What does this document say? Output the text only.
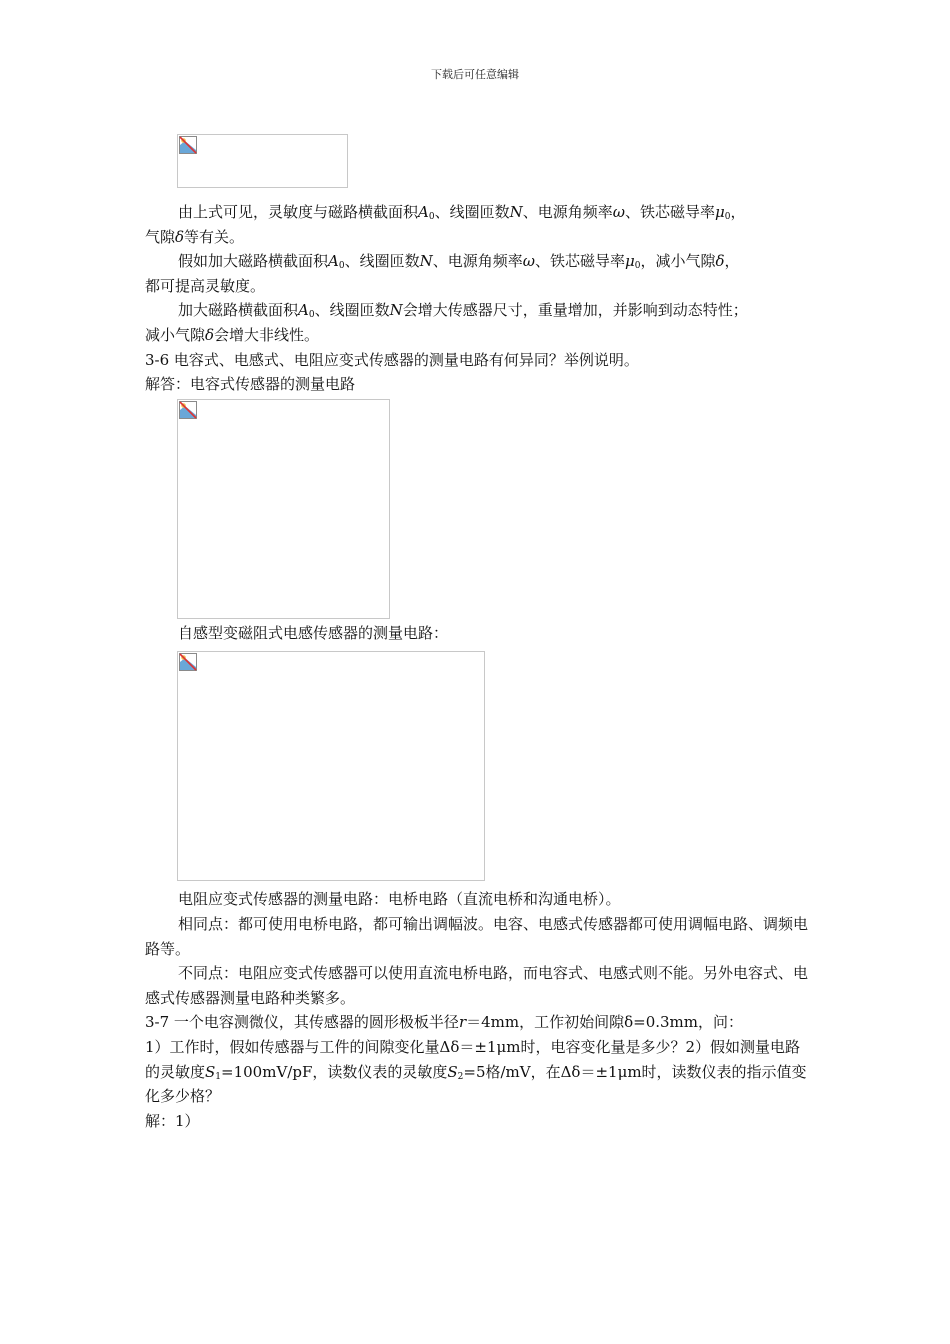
下载后可任意编辑

由上式可见，灵敏度与磁路横截面积$A_0$、线圈匝数N、电源角频率ω、铁芯磁导率$\mu_0$，
气隙δ等有关。

假如加大磁路横截面积$A_0$、线圈匝数N、电源角频率ω、铁芯磁导率$\mu_0$，减小气隙δ，
都可提高灵敏度。

加大磁路横截面积$A_0$、线圈匝数N会增大传感器尺寸，重量增加，并影响到动态特性；
减小气隙δ会增大非线性。

3-6 电容式、电感式、电阻应变式传感器的测量电路有何异同？举例说明。

解答：电容式传感器的测量电路

自感型变磁阻式电感传感器的测量电路：

电阻应变式传感器的测量电路：电桥电路（直流电桥和沟通电桥）。

相同点：都可使用电桥电路，都可输出调幅波。电容、电感式传感器都可使用调幅电路、调频电路等。

不同点：电阻应变式传感器可以使用直流电桥电路，而电容式、电感式则不能。另外电容式、电感式传感器测量电路种类繁多。

3-7 一个电容测微仪，其传感器的圆形极板半径r＝4mm，工作初始间隙δ=0.3mm，问：
1）工作时，假如传感器与工件的间隙变化量Δδ＝±1μm时，电容变化量是多少？2）假如测量电路的灵敏度$S_1=100mV/pF$，读数仪表的灵敏度$S_2=5$格/mV，在Δδ＝±1μm时，读数仪表的指示值变化多少格？

解：1）
